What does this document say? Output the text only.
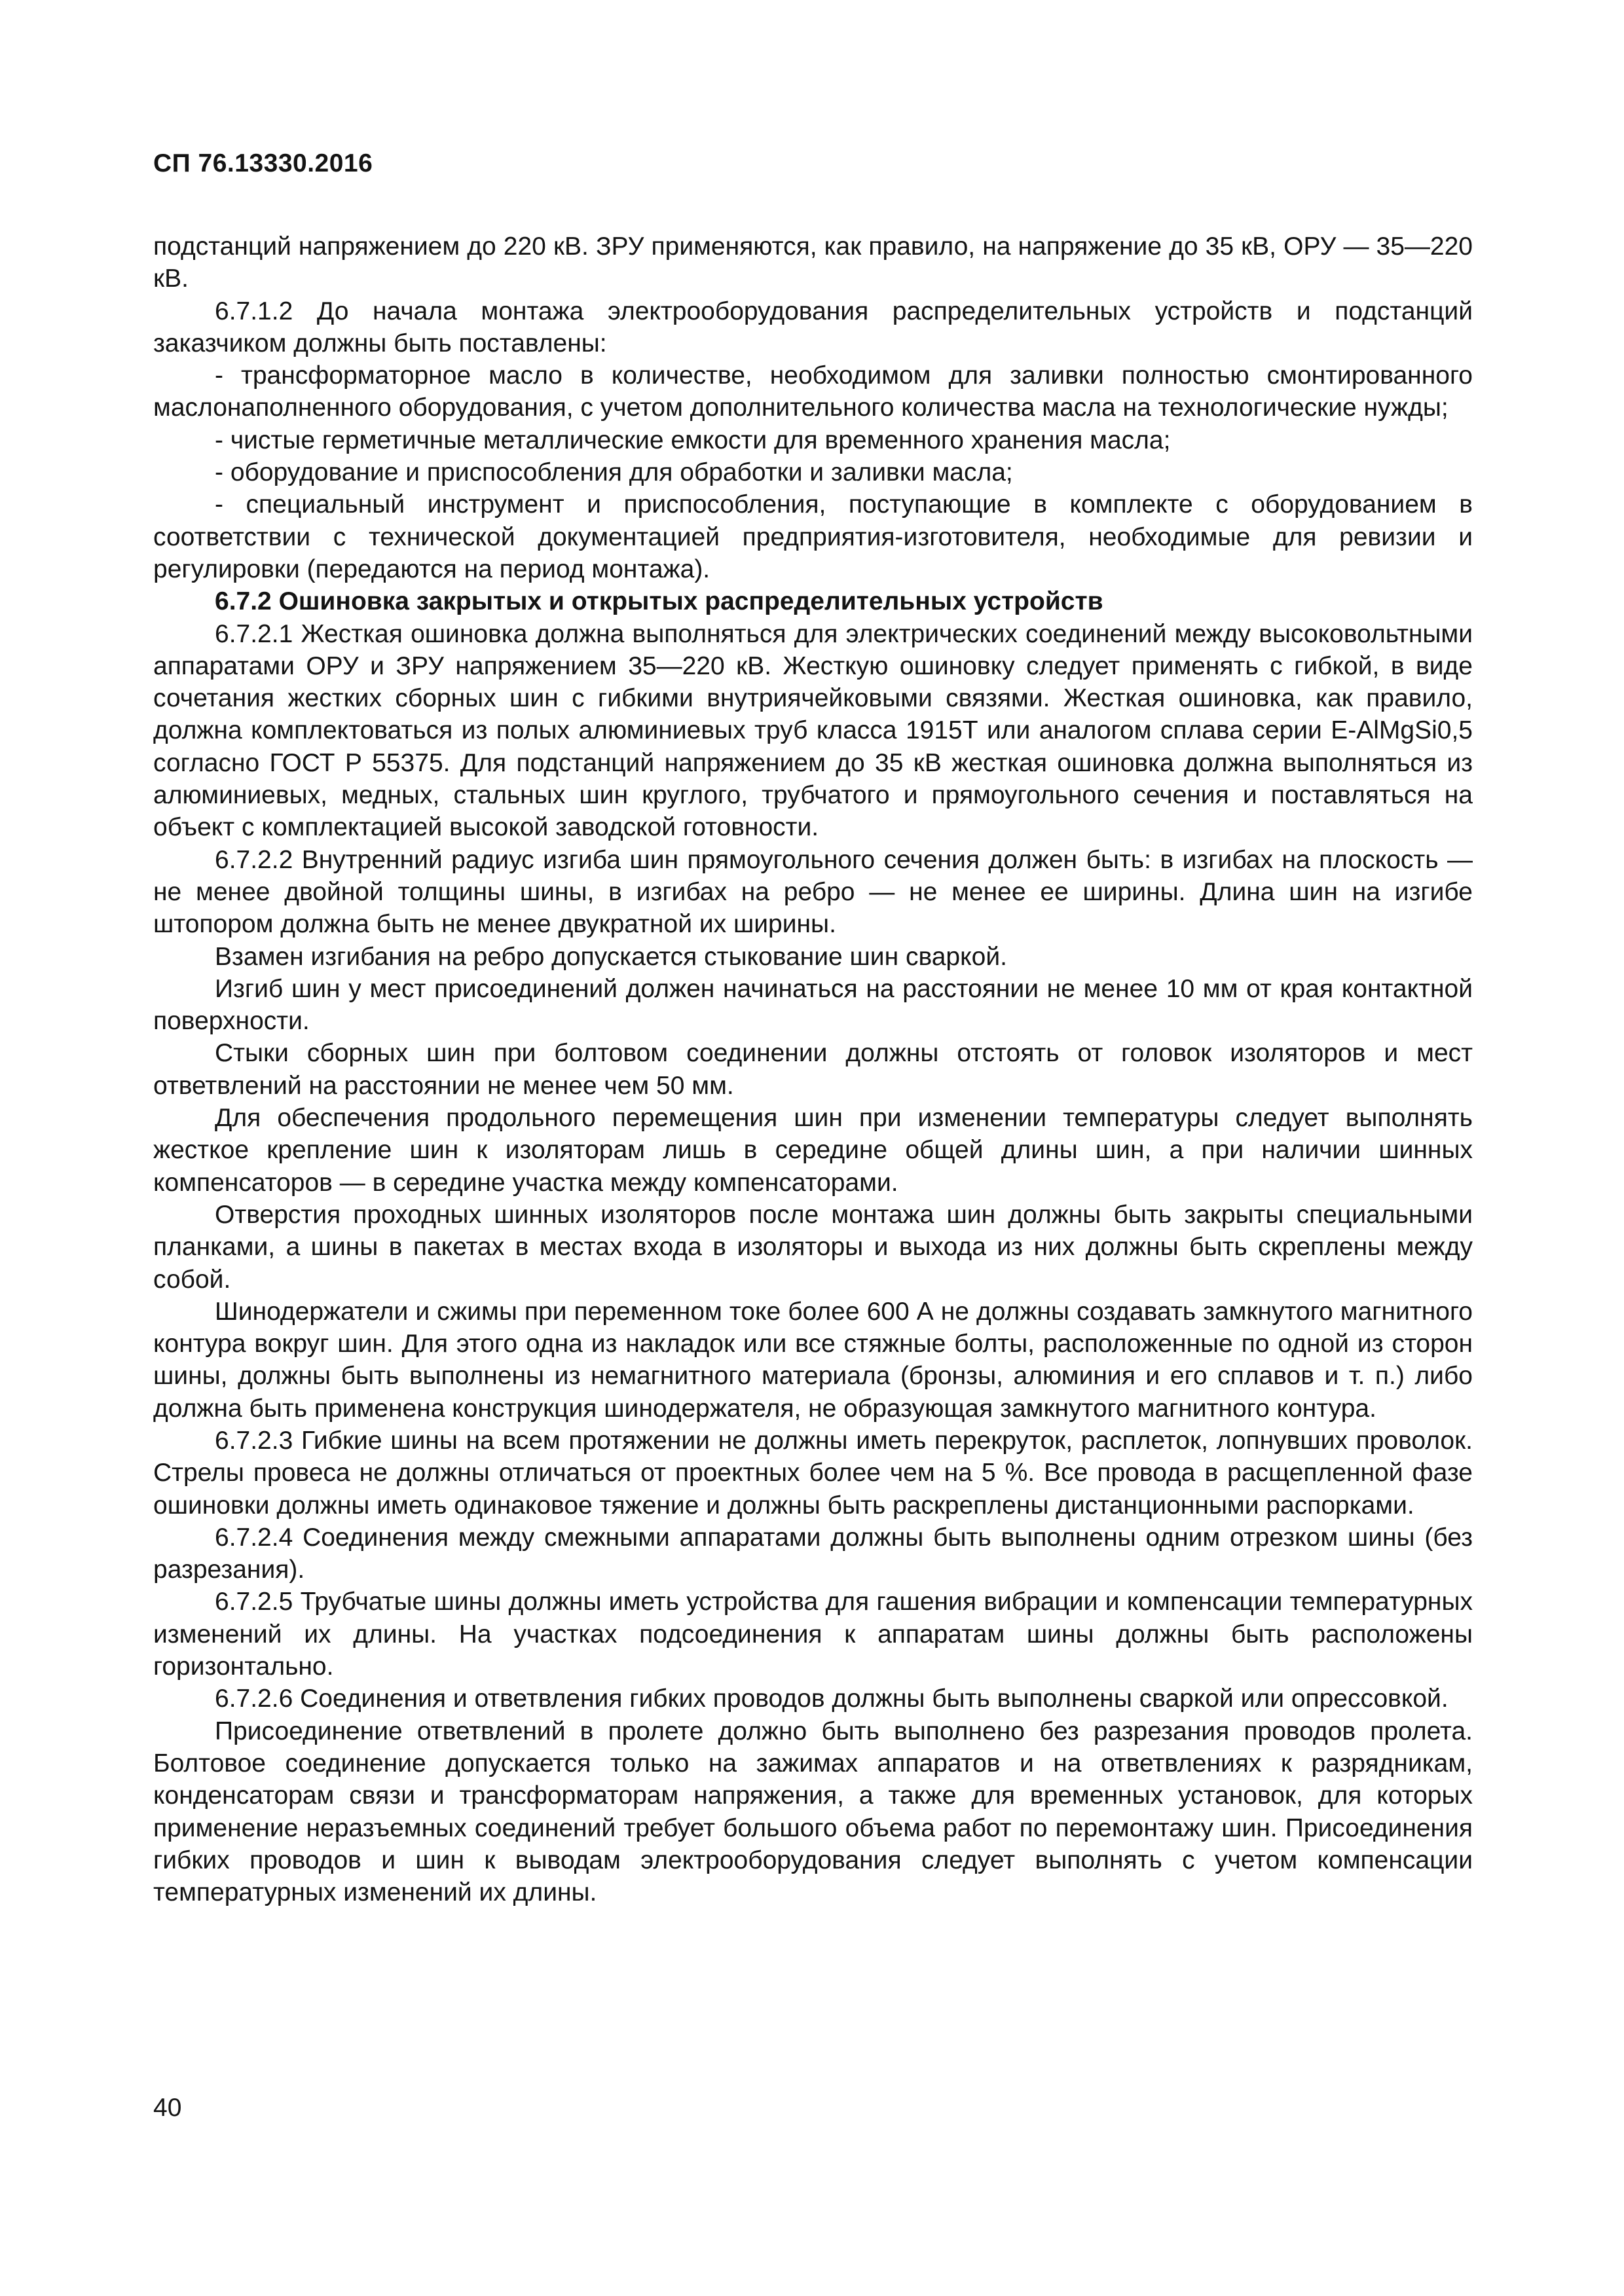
СП 76.13330.2016

подстанций напряжением до 220 кВ. ЗРУ применяются, как правило, на напряжение до 35 кВ, ОРУ — 35—220 кВ.

6.7.1.2 До начала монтажа электрооборудования распределительных устройств и подстанций заказчиком должны быть поставлены:

- трансформаторное масло в количестве, необходимом для заливки полностью смонтированного маслонаполненного оборудования, с учетом дополнительного количества масла на технологические нужды;

- чистые герметичные металлические емкости для временного хранения масла;

- оборудование и приспособления для обработки и заливки масла;

- специальный инструмент и приспособления, поступающие в комплекте с оборудованием в соответствии с технической документацией предприятия-изготовителя, необходимые для ревизии и регулировки (передаются на период монтажа).

6.7.2 Ошиновка закрытых и открытых распределительных устройств

6.7.2.1 Жесткая ошиновка должна выполняться для электрических соединений между высоковольтными аппаратами ОРУ и ЗРУ напряжением 35—220 кВ. Жесткую ошиновку следует применять с гибкой, в виде сочетания жестких сборных шин с гибкими внутриячейковыми связями. Жесткая ошиновка, как правило, должна комплектоваться из полых алюминиевых труб класса 1915Т или аналогом сплава серии E-AlMgSi0,5 согласно ГОСТ Р 55375. Для подстанций напряжением до 35 кВ жесткая ошиновка должна выполняться из алюминиевых, медных, стальных шин круглого, трубчатого и прямоугольного сечения и поставляться на объект с комплектацией высокой заводской готовности.

6.7.2.2 Внутренний радиус изгиба шин прямоугольного сечения должен быть: в изгибах на плоскость — не менее двойной толщины шины, в изгибах на ребро — не менее ее ширины. Длина шин на изгибе штопором должна быть не менее двукратной их ширины.

Взамен изгибания на ребро допускается стыкование шин сваркой.

Изгиб шин у мест присоединений должен начинаться на расстоянии не менее 10 мм от края контактной поверхности.

Стыки сборных шин при болтовом соединении должны отстоять от головок изоляторов и мест ответвлений на расстоянии не менее чем 50 мм.

Для обеспечения продольного перемещения шин при изменении температуры следует выполнять жесткое крепление шин к изоляторам лишь в середине общей длины шин, а при наличии шинных компенсаторов — в середине участка между компенсаторами.

Отверстия проходных шинных изоляторов после монтажа шин должны быть закрыты специальными планками, а шины в пакетах в местах входа в изоляторы и выхода из них должны быть скреплены между собой.

Шинодержатели и сжимы при переменном токе более 600 А не должны создавать замкнутого магнитного контура вокруг шин. Для этого одна из накладок или все стяжные болты, расположенные по одной из сторон шины, должны быть выполнены из немагнитного материала (бронзы, алюминия и его сплавов и т. п.) либо должна быть применена конструкция шинодержателя, не образующая замкнутого магнитного контура.

6.7.2.3 Гибкие шины на всем протяжении не должны иметь перекруток, расплеток, лопнувших проволок. Стрелы провеса не должны отличаться от проектных более чем на 5 %. Все провода в расщепленной фазе ошиновки должны иметь одинаковое тяжение и должны быть раскреплены дистанционными распорками.

6.7.2.4 Соединения между смежными аппаратами должны быть выполнены одним отрезком шины (без разрезания).

6.7.2.5 Трубчатые шины должны иметь устройства для гашения вибрации и компенсации температурных изменений их длины. На участках подсоединения к аппаратам шины должны быть расположены горизонтально.

6.7.2.6 Соединения и ответвления гибких проводов должны быть выполнены сваркой или опрессовкой.

Присоединение ответвлений в пролете должно быть выполнено без разрезания проводов пролета. Болтовое соединение допускается только на зажимах аппаратов и на ответвлениях к разрядникам, конденсаторам связи и трансформаторам напряжения, а также для временных установок, для которых применение неразъемных соединений требует большого объема работ по перемонтажу шин. Присоединения гибких проводов и шин к выводам электрооборудования следует выполнять с учетом компенсации температурных изменений их длины.

40
